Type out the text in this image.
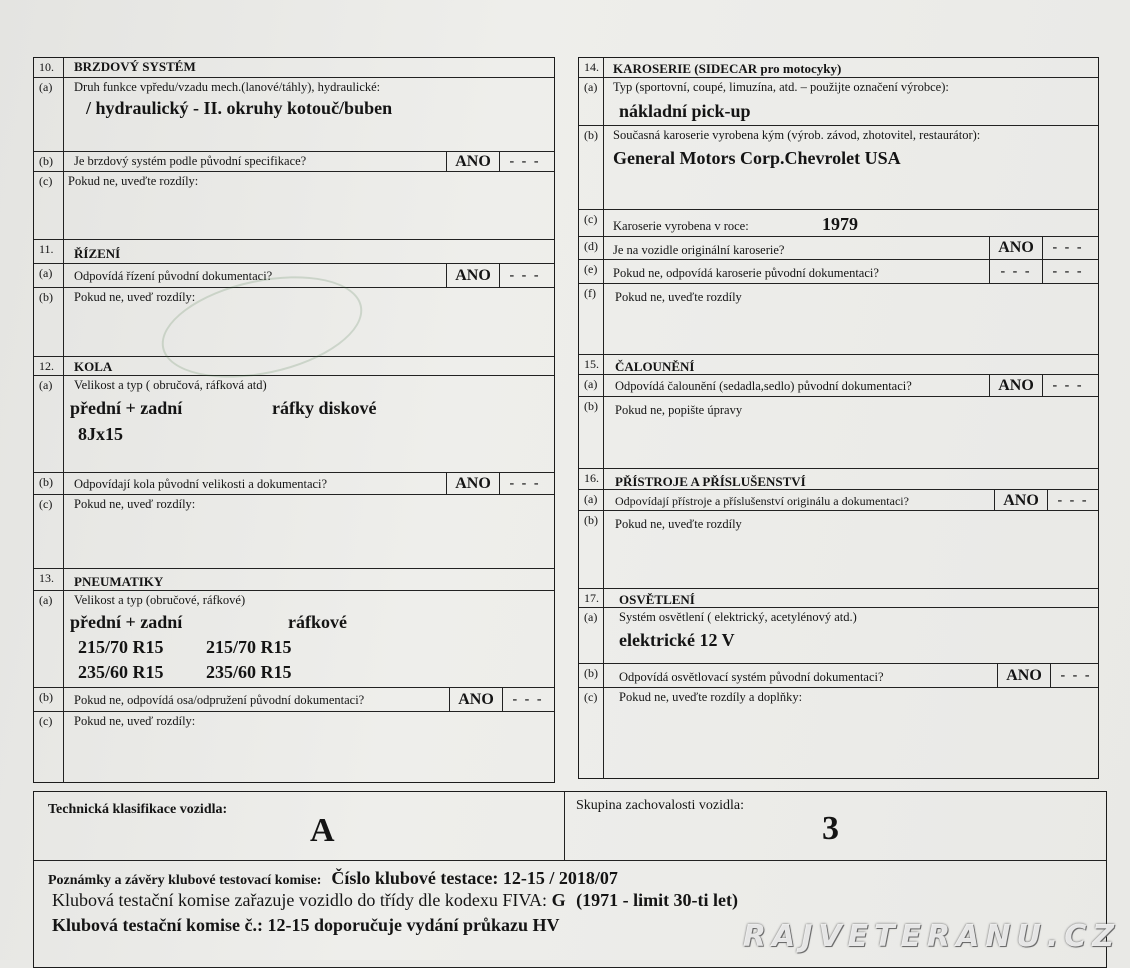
10.	BRZDOVÝ SYSTÉM
(a)	Druh funkce vpředu/vzadu mech.(lanové/táhly), hydraulické:
/ hydraulický - II. okruhy kotouč/buben
(b)	Je brzdový systém podle původní specifikace?	ANO	- - -
(c)	Pokud ne, uveďte rozdíly:
11.	ŘÍZENÍ
(a)	Odpovídá řízení původní dokumentaci?	ANO	- - -
(b)	Pokud ne, uveď rozdíly:
12.	KOLA
(a)	Velikost a typ ( obručová, ráfková atd)
přední + zadní	ráfky diskové
8Jx15
(b)	Odpovídají kola původní velikosti a dokumentaci?	ANO	- - -
(c)	Pokud ne, uveď rozdíly:
13.	PNEUMATIKY
(a)	Velikost a typ (obručové, ráfkové)
přední + zadní	ráfkové
215/70 R15 215/70 R15
235/60 R15 235/60 R15
(b)	Pokud ne, odpovídá osa/odpružení původní dokumentaci?	ANO	- - -
(c)	Pokud ne, uveď rozdíly:
14.	KAROSERIE (SIDECAR pro motocyky)
(a)	Typ (sportovní, coupé, limuzína, atd. – použijte označení výrobce):
nákladní pick-up
(b)	Současná karoserie vyrobena kým (výrob. závod, zhotovitel, restaurátor):
General Motors Corp.Chevrolet USA
(c)	Karoserie vyrobena v roce:	1979
(d)	Je na vozidle originální karoserie?	ANO	- - -
(e)	Pokud ne, odpovídá karoserie původní dokumentaci?	- - -	- - -
(f)	Pokud ne, uveďte rozdíly
15.	ČALOUNĚNÍ
(a)	Odpovídá čalounění (sedadla,sedlo) původní dokumentaci?	ANO	- - -
(b)	Pokud ne, popište úpravy
16.	PŘÍSTROJE A PŘÍSLUŠENSTVÍ
(a)	Odpovídají přístroje a příslušenství originálu a dokumentaci?	ANO	- - -
(b)	Pokud ne, uveďte rozdíly
17.	OSVĚTLENÍ
(a)	Systém osvětlení ( elektrický, acetylénový atd.)
elektrické 12 V
(b)	Odpovídá osvětlovací systém původní dokumentaci?	ANO	- - -
(c)	Pokud ne, uveďte rozdíly a doplňky:
Technická klasifikace vozidla:
A
Skupina zachovalosti vozidla:
3
Poznámky a závěry klubové testovací komise: Číslo klubové testace: 12-15 / 2018/07
Klubová testační komise zařazuje vozidlo do třídy dle kodexu FIVA: G (1971 - limit 30-ti let)
Klubová testační komise č.: 12-15 doporučuje vydání průkazu HV	RAJVETERANU.CZ
